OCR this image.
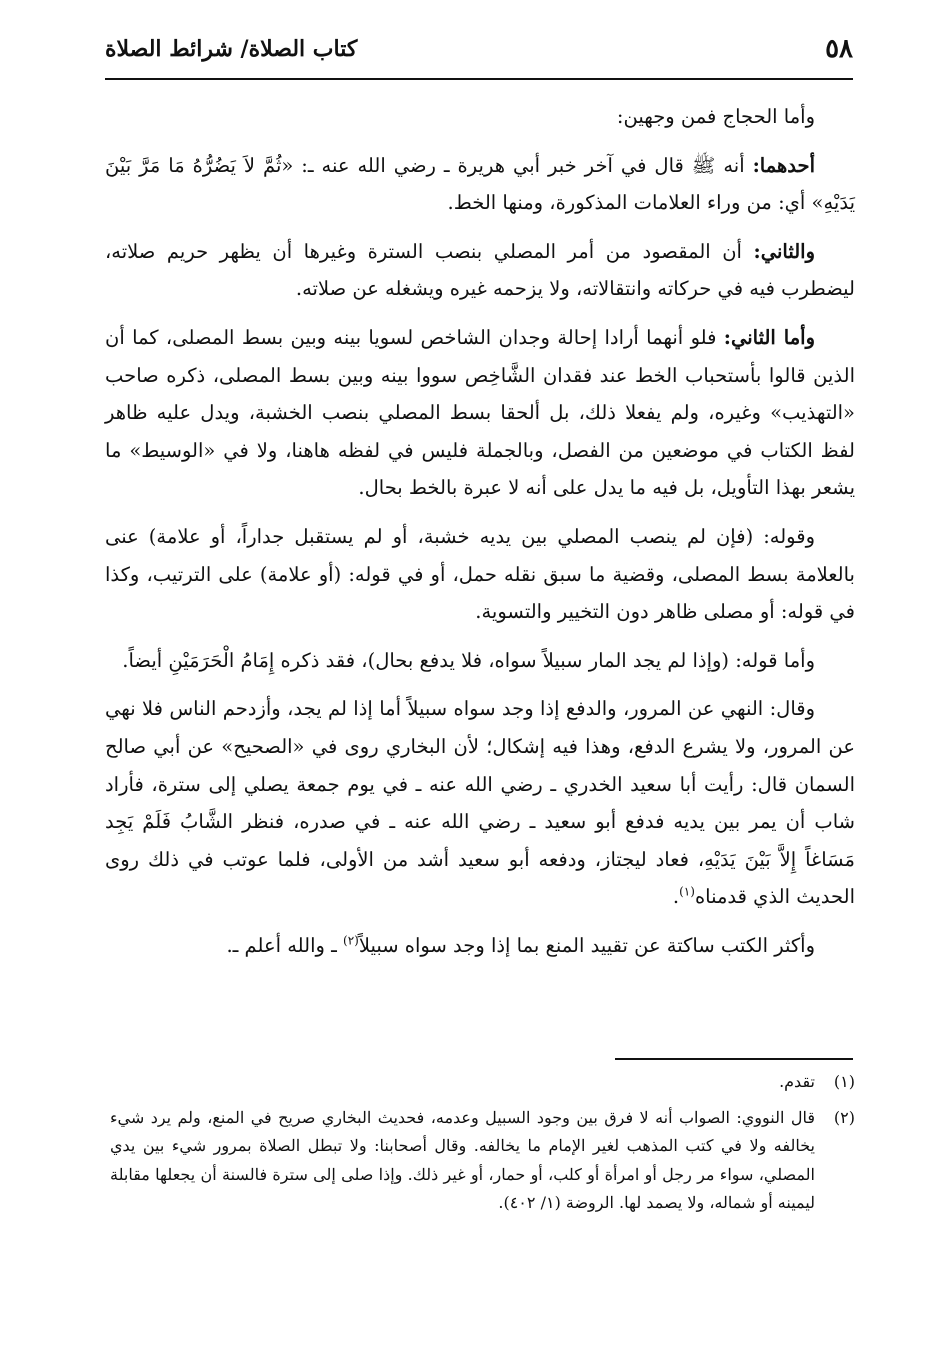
٥٨
كتاب الصلاة/ شرائط الصلاة

وأما الحجاج فمن وجهين:

أحدهما: أنه ﷺ قال في آخر خبر أبي هريرة ـ رضي الله عنه ـ: «ثُمَّ لاَ يَضُرُّهُ مَا مَرَّ بَيْنَ يَدَيْهِ» أي: من وراء العلامات المذكورة، ومنها الخط.

والثاني: أن المقصود من أمر المصلي بنصب السترة وغيرها أن يظهر حريم صلاته، ليضطرب فيه في حركاته وانتقالاته، ولا يزحمه غيره ويشغله عن صلاته.

وأما الثاني: فلو أنهما أرادا إحالة وجدان الشاخص لسويا بينه وبين بسط المصلى، كما أن الذين قالوا بأستحباب الخط عند فقدان الشَّاخِص سووا بينه وبين بسط المصلى، ذكره صاحب «التهذيب» وغيره، ولم يفعلا ذلك، بل ألحقا بسط المصلي بنصب الخشبة، ويدل عليه ظاهر لفظ الكتاب في موضعين من الفصل، وبالجملة فليس في لفظه هاهنا، ولا في «الوسيط» ما يشعر بهذا التأويل، بل فيه ما يدل على أنه لا عبرة بالخط بحال.

وقوله: (فإن لم ينصب المصلي بين يديه خشبة، أو لم يستقبل جداراً، أو علامة) عنى بالعلامة بسط المصلى، وقضية ما سبق نقله حمل، أو في قوله: (أو علامة) على الترتيب، وكذا في قوله: أو مصلى ظاهر دون التخيير والتسوية.

وأما قوله: (وإذا لم يجد المار سبيلاً سواه، فلا يدفع بحال)، فقد ذكره إِمَامُ الْحَرَمَيْنِ أيضاً.

وقال: النهي عن المرور، والدفع إذا وجد سواه سبيلاً أما إذا لم يجد، وأزدحم الناس فلا نهي عن المرور، ولا يشرع الدفع، وهذا فيه إشكال؛ لأن البخاري روى في «الصحيح» عن أبي صالح السمان قال: رأيت أبا سعيد الخدري ـ رضي الله عنه ـ في يوم جمعة يصلي إلى سترة، فأراد شاب أن يمر بين يديه فدفع أبو سعيد ـ رضي الله عنه ـ في صدره، فنظر الشَّابُ فَلَمْ يَجِد مَسَاغاً إِلاَّ بَيْنَ يَدَيْهِ، فعاد ليجتاز، ودفعه أبو سعيد أشد من الأولى، فلما عوتب في ذلك روى الحديث الذي قدمناه$^{(١)}$.

وأكثر الكتب ساكتة عن تقييد المنع بما إذا وجد سواه سبيلاً$^{(٢)}$ ـ والله أعلم ـ.

(١)
تقدم.
(٢)
قال النووي: الصواب أنه لا فرق بين وجود السبيل وعدمه، فحديث البخاري صريح في المنع، ولم يرد شيء يخالفه ولا في كتب المذهب لغير الإمام ما يخالفه. وقال أصحابنا: ولا تبطل الصلاة بمرور شيء بين يدي المصلي، سواء مر رجل أو امرأة أو كلب، أو حمار، أو غير ذلك. وإذا صلى إلى سترة فالسنة أن يجعلها مقابلة ليمينه أو شماله، ولا يصمد لها. الروضة (١/ ٤٠٢).
